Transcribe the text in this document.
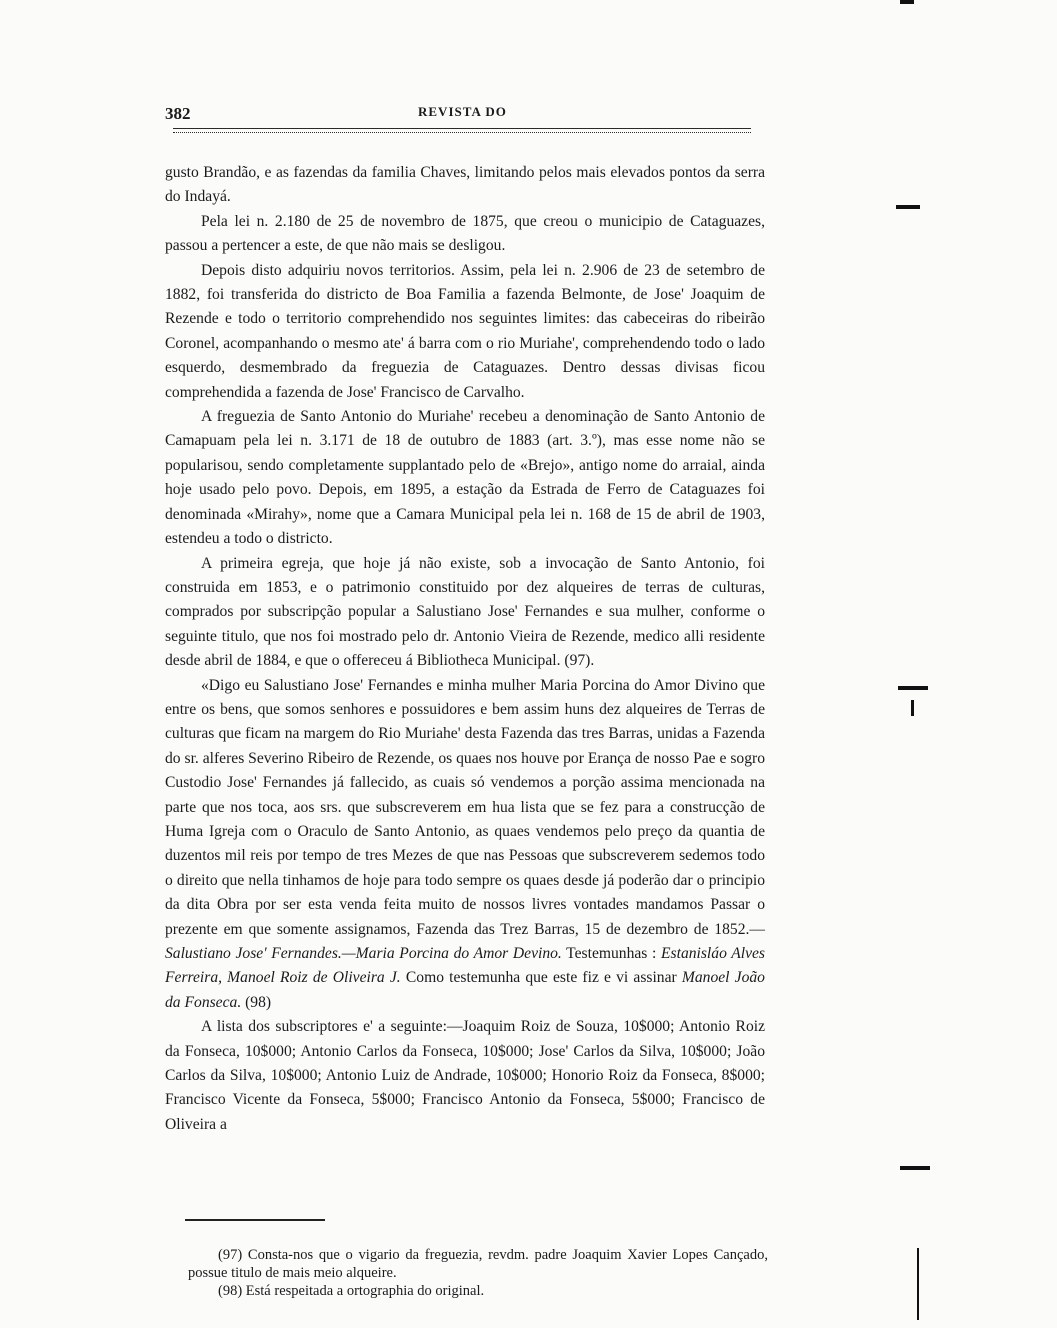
382	REVISTA DO

gusto Brandão, e as fazendas da familia Chaves, limitando pelos mais elevados pontos da serra do Indayá.

Pela lei n. 2.180 de 25 de novembro de 1875, que creou o municipio de Cataguazes, passou a pertencer a este, de que não mais se desligou.

Depois disto adquiriu novos territorios. Assim, pela lei n. 2.906 de 23 de setembro de 1882, foi transferida do districto de Boa Familia a fazenda Belmonte, de Jose' Joaquim de Rezende e todo o territorio comprehendido nos seguintes limites: das cabeceiras do ribeirão Coronel, acompanhando o mesmo ate' á barra com o rio Muriahe', comprehendendo todo o lado esquerdo, desmembrado da freguezia de Cataguazes. Dentro dessas divisas ficou comprehendida a fazenda de Jose' Francisco de Carvalho.

A freguezia de Santo Antonio do Muriahe' recebeu a denominação de Santo Antonio de Camapuam pela lei n. 3.171 de 18 de outubro de 1883 (art. 3.º), mas esse nome não se popularisou, sendo completamente supplantado pelo de «Brejo», antigo nome do arraial, ainda hoje usado pelo povo. Depois, em 1895, a estação da Estrada de Ferro de Cataguazes foi denominada «Mirahy», nome que a Camara Municipal pela lei n. 168 de 15 de abril de 1903, estendeu a todo o districto.

A primeira egreja, que hoje já não existe, sob a invocação de Santo Antonio, foi construida em 1853, e o patrimonio constituido por dez alqueires de terras de culturas, comprados por subscripção popular a Salustiano Jose' Fernandes e sua mulher, conforme o seguinte titulo, que nos foi mostrado pelo dr. Antonio Vieira de Rezende, medico alli residente desde abril de 1884, e que o offereceu á Bibliotheca Municipal. (97).

«Digo eu Salustiano Jose' Fernandes e minha mulher Maria Porcina do Amor Divino que entre os bens, que somos senhores e possuidores e bem assim huns dez alqueires de Terras de culturas que ficam na margem do Rio Muriahe' desta Fazenda das tres Barras, unidas a Fazenda do sr. alferes Severino Ribeiro de Rezende, os quaes nos houve por Erança de nosso Pae e sogro Custodio Jose' Fernandes já fallecido, as cuais só vendemos a porção assima mencionada na parte que nos toca, aos srs. que subscreverem em hua lista que se fez para a construcção de Huma Igreja com o Oraculo de Santo Antonio, as quaes vendemos pelo preço da quantia de duzentos mil reis por tempo de tres Mezes de que nas Pessoas que subscreverem sedemos todo o direito que nella tinhamos de hoje para todo sempre os quaes desde já poderão dar o principio da dita Obra por ser esta venda feita muito de nossos livres vontades mandamos Passar o prezente em que somente assignamos, Fazenda das Trez Barras, 15 de dezembro de 1852.—Salustiano Jose' Fernandes.—Maria Porcina do Amor Devino. Testemunhas : Estanisláo Alves Ferreira, Manoel Roiz de Oliveira J. Como testemunha que este fiz e vi assinar Manoel João da Fonseca. (98)

A lista dos subscriptores e' a seguinte:—Joaquim Roiz de Souza, 10$000; Antonio Roiz da Fonseca, 10$000; Antonio Carlos da Fonseca, 10$000; Jose' Carlos da Silva, 10$000; João Carlos da Silva, 10$000; Antonio Luiz de Andrade, 10$000; Honorio Roiz da Fonseca, 8$000; Francisco Vicente da Fonseca, 5$000; Francisco Antonio da Fonseca, 5$000; Francisco de Oliveira a

(97) Consta-nos que o vigario da freguezia, revdm. padre Joaquim Xavier Lopes Cançado, possue titulo de mais meio alqueire.

(98) Está respeitada a ortographia do original.
